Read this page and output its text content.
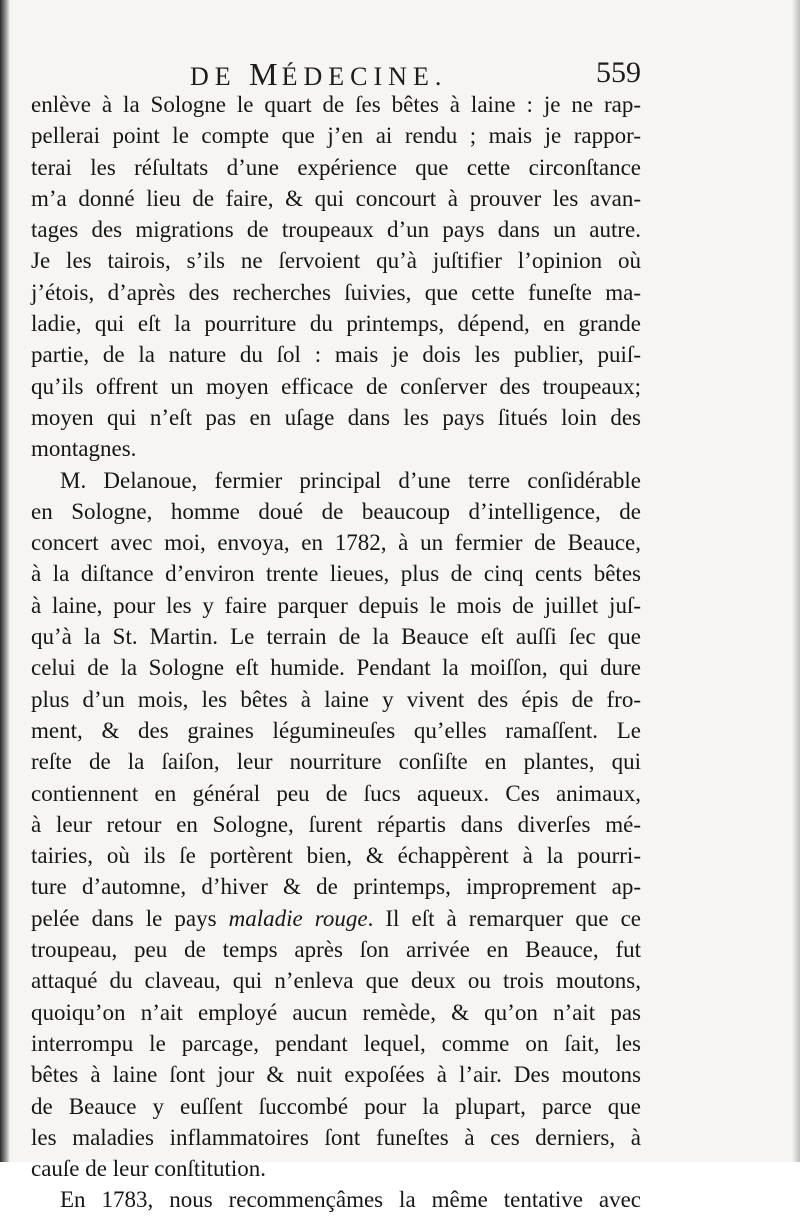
DE MÉDECINE.	559
enlève à la Sologne le quart de ſes bêtes à laine : je ne rap-
pellerai point le compte que j’en ai rendu ; mais je rappor-
terai les réſultats d’une expérience que cette circonſtance
m’a donné lieu de faire, & qui concourt à prouver les avan-
tages des migrations de troupeaux d’un pays dans un autre.
Je les tairois, s’ils ne ſervoient qu’à juſtifier l’opinion où
j’étois, d’après des recherches ſuivies, que cette funeſte ma-
ladie, qui eſt la pourriture du printemps, dépend, en grande
partie, de la nature du ſol : mais je dois les publier, puiſ-
qu’ils offrent un moyen efficace de conſerver des troupeaux;
moyen qui n’eſt pas en uſage dans les pays ſitués loin des
montagnes.
M. Delanoue, fermier principal d’une terre conſidérable
en Sologne, homme doué de beaucoup d’intelligence, de
concert avec moi, envoya, en 1782, à un fermier de Beauce,
à la diſtance d’environ trente lieues, plus de cinq cents bêtes
à laine, pour les y faire parquer depuis le mois de juillet juſ-
qu’à la St. Martin. Le terrain de la Beauce eſt auſſi ſec que
celui de la Sologne eſt humide. Pendant la moiſſon, qui dure
plus d’un mois, les bêtes à laine y vivent des épis de fro-
ment, & des graines légumineuſes qu’elles ramaſſent. Le
reſte de la ſaiſon, leur nourriture conſiſte en plantes, qui
contiennent en général peu de ſucs aqueux. Ces animaux,
à leur retour en Sologne, ſurent répartis dans diverſes mé-
tairies, où ils ſe portèrent bien, & échappèrent à la pourri-
ture d’automne, d’hiver & de printemps, improprement ap-
pelée dans le pays maladie rouge. Il eſt à remarquer que ce
troupeau, peu de temps après ſon arrivée en Beauce, fut
attaqué du claveau, qui n’enleva que deux ou trois moutons,
quoiqu’on n’ait employé aucun remède, & qu’on n’ait pas
interrompu le parcage, pendant lequel, comme on ſait, les
bêtes à laine ſont jour & nuit expoſées à l’air. Des moutons
de Beauce y euſſent ſuccombé pour la plupart, parce que
les maladies inflammatoires ſont funeſtes à ces derniers, à
cauſe de leur conſtitution.
En 1783, nous recommençâmes la même tentative avec
